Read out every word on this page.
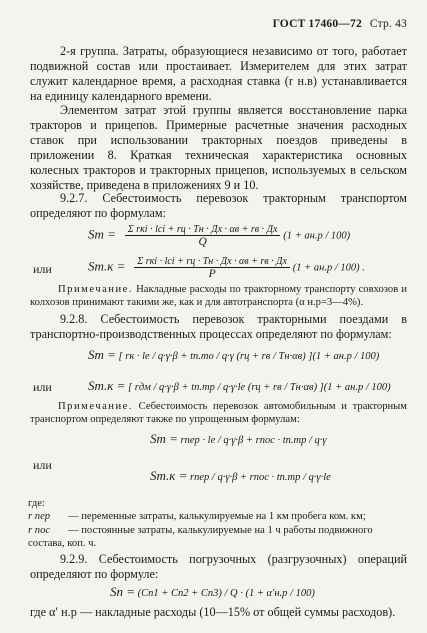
ГОСТ 17460—72 Стр. 43
2-я группа. Затраты, образующиеся независимо от того, работает подвижной состав или простаивает. Измерителем для этих затрат служит календарное время, а расходная ставка (r н.в) устанавливается на единицу календарного времени.
Элементом затрат этой группы является восстановление парка тракторов и прицепов. Примерные расчетные значения расходных ставок при использовании тракторных поездов приведены в приложении 8. Краткая техническая характеристика основных колесных тракторов и тракторных прицепов, используемых в сельском хозяйстве, приведена в приложениях 9 и 10.
9.2.7. Себестоимость перевозок тракторным транспортом определяют по формулам:
Sт = $\frac{\text{Σ rкi · lсi + rц · Tн · Дх · αв + rв · Дх}}{Q} (1 + aн.р / 100)$
или	$Sт.к = \frac{\text{Σ rкi · lсi + rц · Tн · Дх · αв + rв · Дх}}{P} (1 + aн.р / 100)$ .
Примечание. Накладные расходы по тракторному транспорту совхозов и колхозов принимают такими же, как и для автотранспорта (α н.р=3—4%).
9.2.8. Себестоимость перевозок тракторными поездами в транспортно-производственных процессах определяют по формулам:
Sт = [ rк · lе / q·γ·β + tп.то / q·γ (rц + rв / Tн·αв) ](1 + aн.р / 100)
Sт.к = [ rдм / q·γ·β + tп.тр / q·γ·lе (rц + rв / Tн·αв) ](1 + aн.р / 100)
или
Примечание. Себестоимость перевозок автомобильным и тракторным транспортом определяют также по упрощенным формулам:
Sт = rпер · lе / q·γ·β + rпос · tп.тр / q·γ
или
Sт.к = rпер / q·γ·β + rпос · tп.тр / q·γ·lе
где:
r пер — переменные затраты, калькулируемые на 1 км пробега ком. км;
r пос — постоянные затраты, калькулируемые на 1 ч работы подвижного состава, коп. ч.
9.2.9. Себестоимость погрузочных (разгрузочных) операций определяют по формуле:
Sп = (Cп1 + Cп2 + Cп3) / Q · (1 + α′н.р / 100)
где α′ н.р — накладные расходы (10—15% от общей суммы расходов).
